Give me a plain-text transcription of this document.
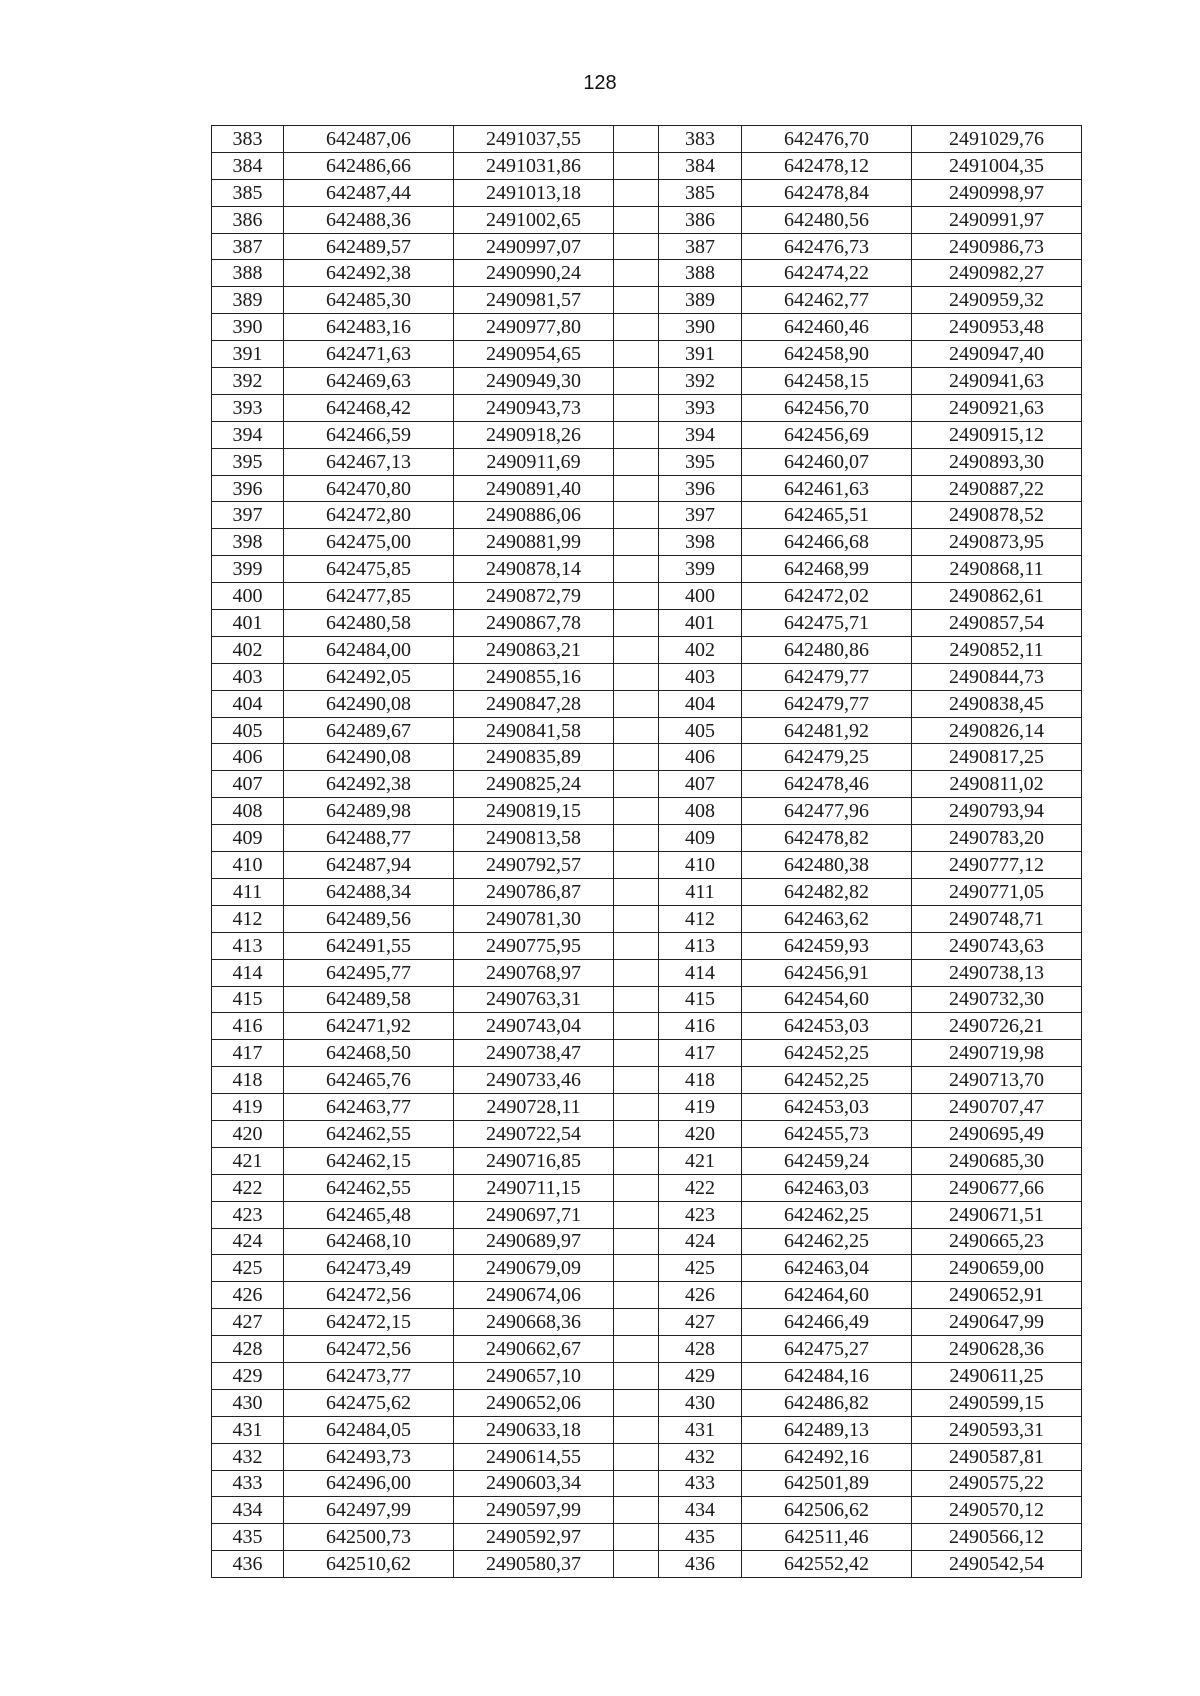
128
383	642487,06	2491037,55		383	642476,70	2491029,76
384	642486,66	2491031,86		384	642478,12	2491004,35
385	642487,44	2491013,18		385	642478,84	2490998,97
386	642488,36	2491002,65		386	642480,56	2490991,97
387	642489,57	2490997,07		387	642476,73	2490986,73
388	642492,38	2490990,24		388	642474,22	2490982,27
389	642485,30	2490981,57		389	642462,77	2490959,32
390	642483,16	2490977,80		390	642460,46	2490953,48
391	642471,63	2490954,65		391	642458,90	2490947,40
392	642469,63	2490949,30		392	642458,15	2490941,63
393	642468,42	2490943,73		393	642456,70	2490921,63
394	642466,59	2490918,26		394	642456,69	2490915,12
395	642467,13	2490911,69		395	642460,07	2490893,30
396	642470,80	2490891,40		396	642461,63	2490887,22
397	642472,80	2490886,06		397	642465,51	2490878,52
398	642475,00	2490881,99		398	642466,68	2490873,95
399	642475,85	2490878,14		399	642468,99	2490868,11
400	642477,85	2490872,79		400	642472,02	2490862,61
401	642480,58	2490867,78		401	642475,71	2490857,54
402	642484,00	2490863,21		402	642480,86	2490852,11
403	642492,05	2490855,16		403	642479,77	2490844,73
404	642490,08	2490847,28		404	642479,77	2490838,45
405	642489,67	2490841,58		405	642481,92	2490826,14
406	642490,08	2490835,89		406	642479,25	2490817,25
407	642492,38	2490825,24		407	642478,46	2490811,02
408	642489,98	2490819,15		408	642477,96	2490793,94
409	642488,77	2490813,58		409	642478,82	2490783,20
410	642487,94	2490792,57		410	642480,38	2490777,12
411	642488,34	2490786,87		411	642482,82	2490771,05
412	642489,56	2490781,30		412	642463,62	2490748,71
413	642491,55	2490775,95		413	642459,93	2490743,63
414	642495,77	2490768,97		414	642456,91	2490738,13
415	642489,58	2490763,31		415	642454,60	2490732,30
416	642471,92	2490743,04		416	642453,03	2490726,21
417	642468,50	2490738,47		417	642452,25	2490719,98
418	642465,76	2490733,46		418	642452,25	2490713,70
419	642463,77	2490728,11		419	642453,03	2490707,47
420	642462,55	2490722,54		420	642455,73	2490695,49
421	642462,15	2490716,85		421	642459,24	2490685,30
422	642462,55	2490711,15		422	642463,03	2490677,66
423	642465,48	2490697,71		423	642462,25	2490671,51
424	642468,10	2490689,97		424	642462,25	2490665,23
425	642473,49	2490679,09		425	642463,04	2490659,00
426	642472,56	2490674,06		426	642464,60	2490652,91
427	642472,15	2490668,36		427	642466,49	2490647,99
428	642472,56	2490662,67		428	642475,27	2490628,36
429	642473,77	2490657,10		429	642484,16	2490611,25
430	642475,62	2490652,06		430	642486,82	2490599,15
431	642484,05	2490633,18		431	642489,13	2490593,31
432	642493,73	2490614,55		432	642492,16	2490587,81
433	642496,00	2490603,34		433	642501,89	2490575,22
434	642497,99	2490597,99		434	642506,62	2490570,12
435	642500,73	2490592,97		435	642511,46	2490566,12
436	642510,62	2490580,37		436	642552,42	2490542,54
